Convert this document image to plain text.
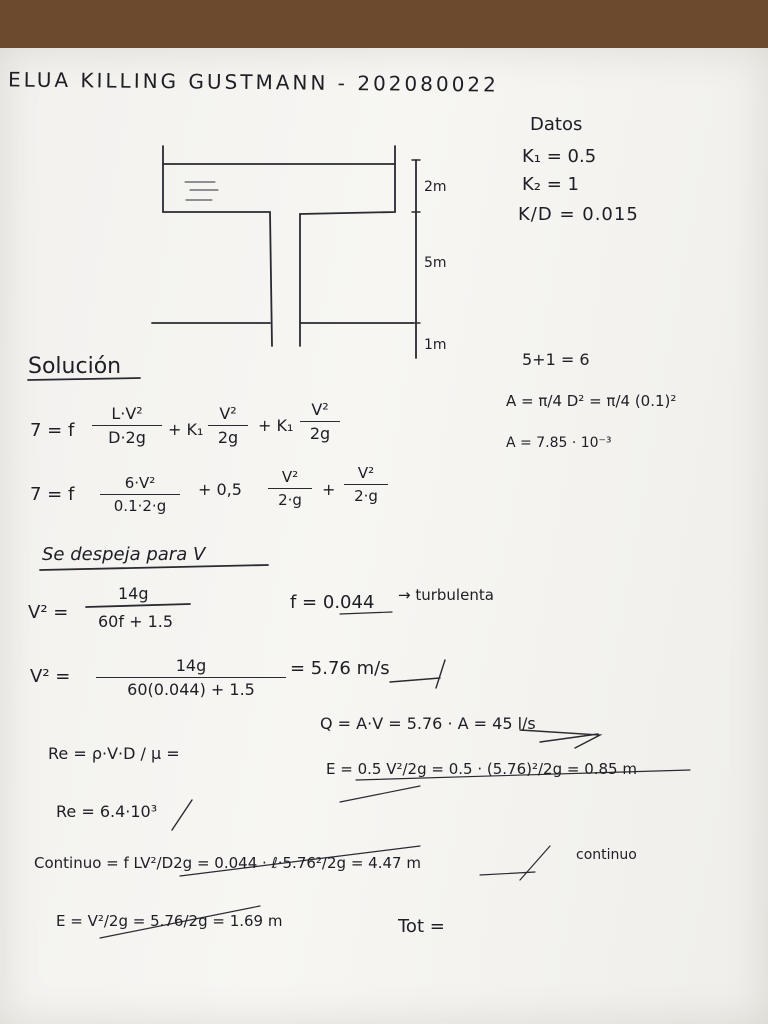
ELUA KILLING GUSTMANN - 202080022
Datos
K₁ = 0.5
K₂ = 1
K/D = 0.015
2m
5m
1m
Solución
7 = f
L·V²
D·2g	+ K₁
V²
2g
+ K₁
V²
2g
7 = f
6·V²
0.1·2·g
+ 0,5
V²
2·g
+
V²
2·g
5+1 = 6
A = π/4 D² = π/4 (0.1)²
A = 7.85 · 10⁻³
Se despeja para V
V² =
14g
60f + 1.5
f = 0.044 → turbulenta
14g
60(0.044) + 1.5
V² =	= 5.76 m/s
Re = ρ·V·D / μ =
Re = 6.4·10³
Q = A·V = 5.76 · A = 45 l/s
E = 0.5 V²/2g = 0.5 · (5.76)²/2g = 0.85 m
Continuo = f LV²/D2g = 0.044 · ℓ·5.76²/2g = 4.47 m	continuo
E = V²/2g = 5.76/2g = 1.69 m	Tot =
